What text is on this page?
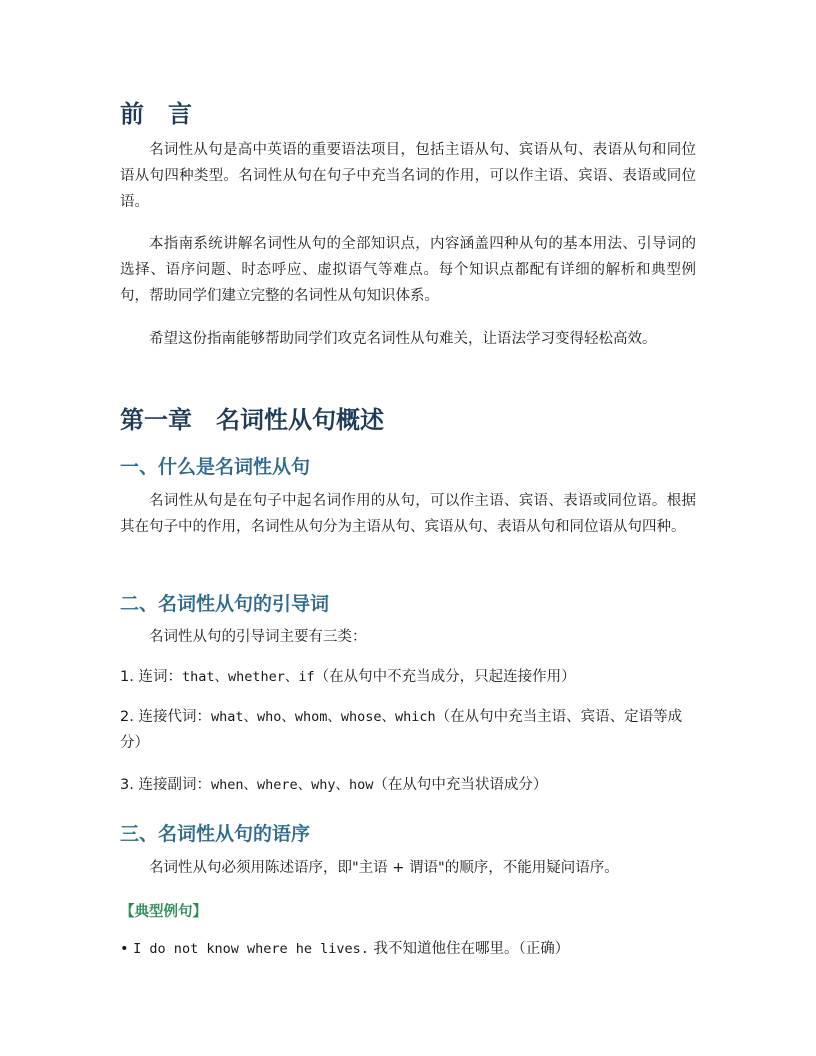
前　言
名词性从句是高中英语的重要语法项目，包括主语从句、宾语从句、表语从句和同位语从句四种类型。名词性从句在句子中充当名词的作用，可以作主语、宾语、表语或同位语。
本指南系统讲解名词性从句的全部知识点，内容涵盖四种从句的基本用法、引导词的选择、语序问题、时态呼应、虚拟语气等难点。每个知识点都配有详细的解析和典型例句，帮助同学们建立完整的名词性从句知识体系。
希望这份指南能够帮助同学们攻克名词性从句难关，让语法学习变得轻松高效。
第一章　名词性从句概述
一、什么是名词性从句
名词性从句是在句子中起名词作用的从句，可以作主语、宾语、表语或同位语。根据其在句子中的作用，名词性从句分为主语从句、宾语从句、表语从句和同位语从句四种。
二、名词性从句的引导词
名词性从句的引导词主要有三类：
1. 连词：that、whether、if（在从句中不充当成分，只起连接作用）
2. 连接代词：what、who、whom、whose、which（在从句中充当主语、宾语、定语等成分）
3. 连接副词：when、where、why、how（在从句中充当状语成分）
三、名词性从句的语序
名词性从句必须用陈述语序，即"主语 + 谓语"的顺序，不能用疑问语序。
【典型例句】
• I do not know where he lives. 我不知道他住在哪里。（正确）
